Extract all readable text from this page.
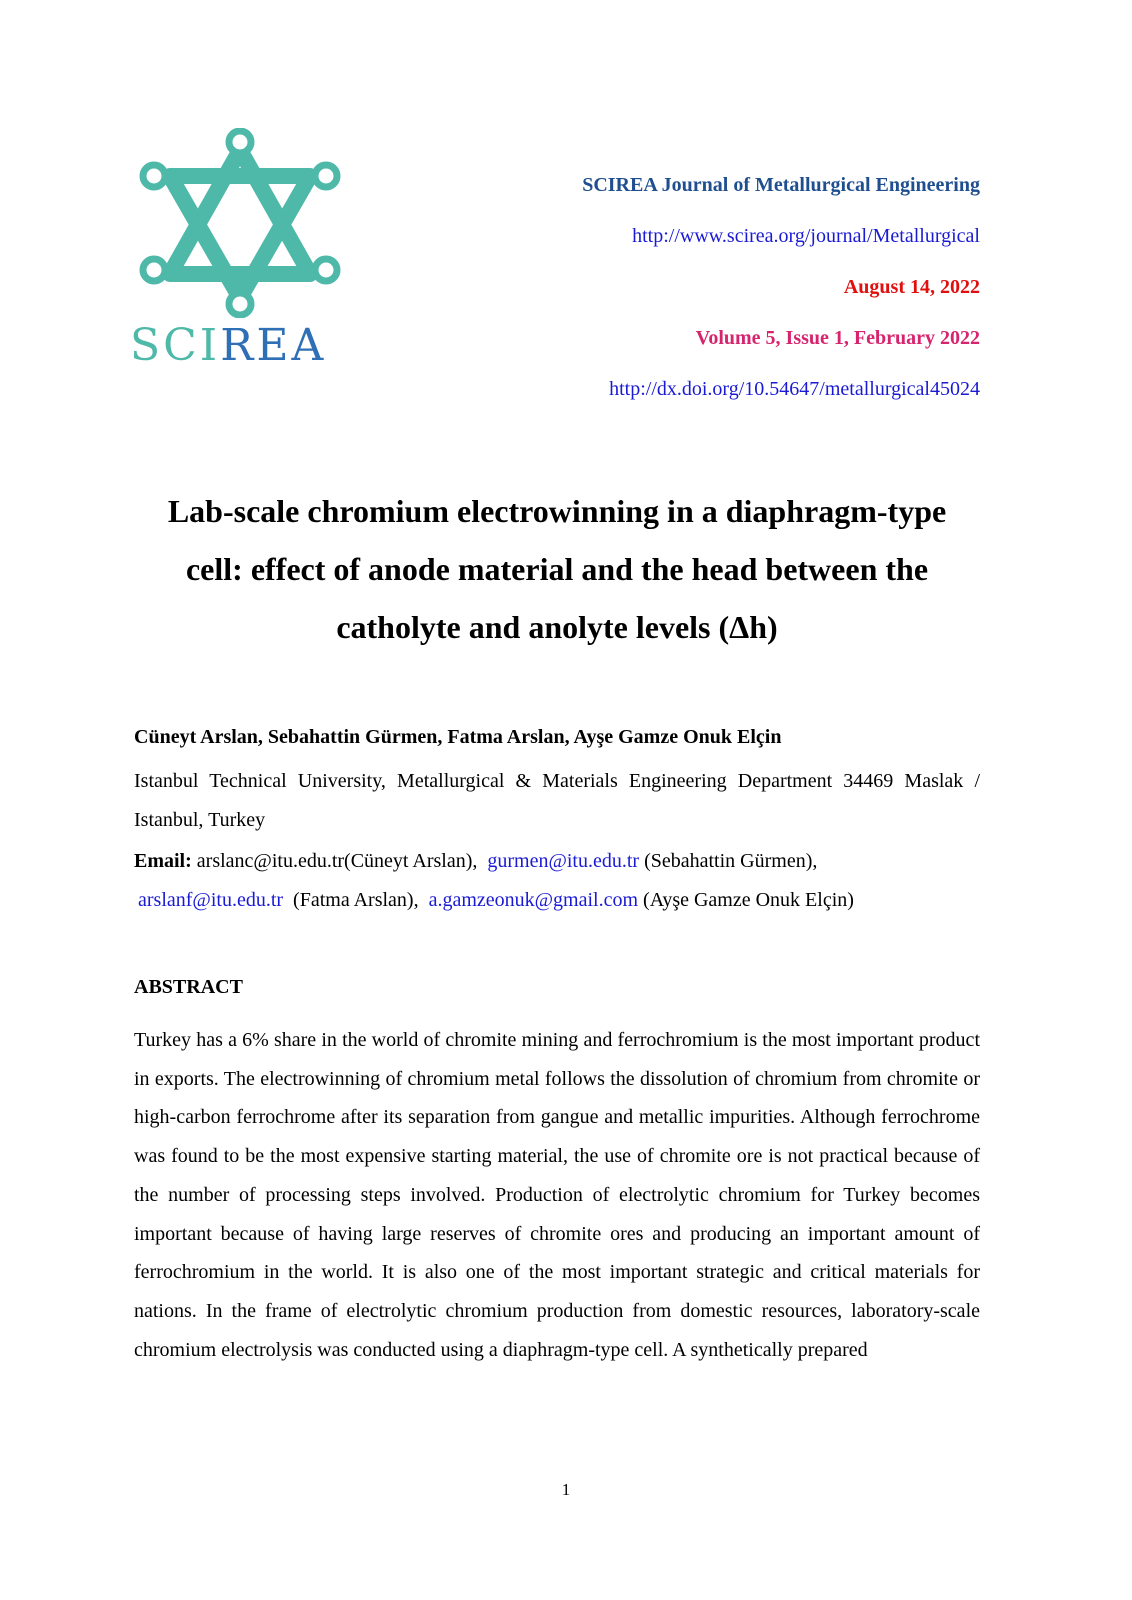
SCIREA
SCIREA Journal of Metallurgical Engineering
http://www.scirea.org/journal/Metallurgical
August 14, 2022
Volume 5, Issue 1, February 2022
http://dx.doi.org/10.54647/metallurgical45024
Lab-scale chromium electrowinning in a diaphragm-type
cell: effect of anode material and the head between the
catholyte and anolyte levels (Δh)
Cüneyt Arslan, Sebahattin Gürmen, Fatma Arslan, Ayşe Gamze Onuk Elçin
Istanbul Technical University, Metallurgical & Materials Engineering Department 34469 Maslak / Istanbul, Turkey
Email: arslanc@itu.edu.tr(Cüneyt Arslan), gurmen@itu.edu.tr (Sebahattin Gürmen),
arslanf@itu.edu.tr (Fatma Arslan), a.gamzeonuk@gmail.com (Ayşe Gamze Onuk Elçin)
ABSTRACT
Turkey has a 6% share in the world of chromite mining and ferrochromium is the most important product in exports. The electrowinning of chromium metal follows the dissolution of chromium from chromite or high-carbon ferrochrome after its separation from gangue and metallic impurities. Although ferrochrome was found to be the most expensive starting material, the use of chromite ore is not practical because of the number of processing steps involved. Production of electrolytic chromium for Turkey becomes important because of having large reserves of chromite ores and producing an important amount of ferrochromium in the world. It is also one of the most important strategic and critical materials for nations. In the frame of electrolytic chromium production from domestic resources, laboratory-scale chromium electrolysis was conducted using a diaphragm-type cell. A synthetically prepared
1
